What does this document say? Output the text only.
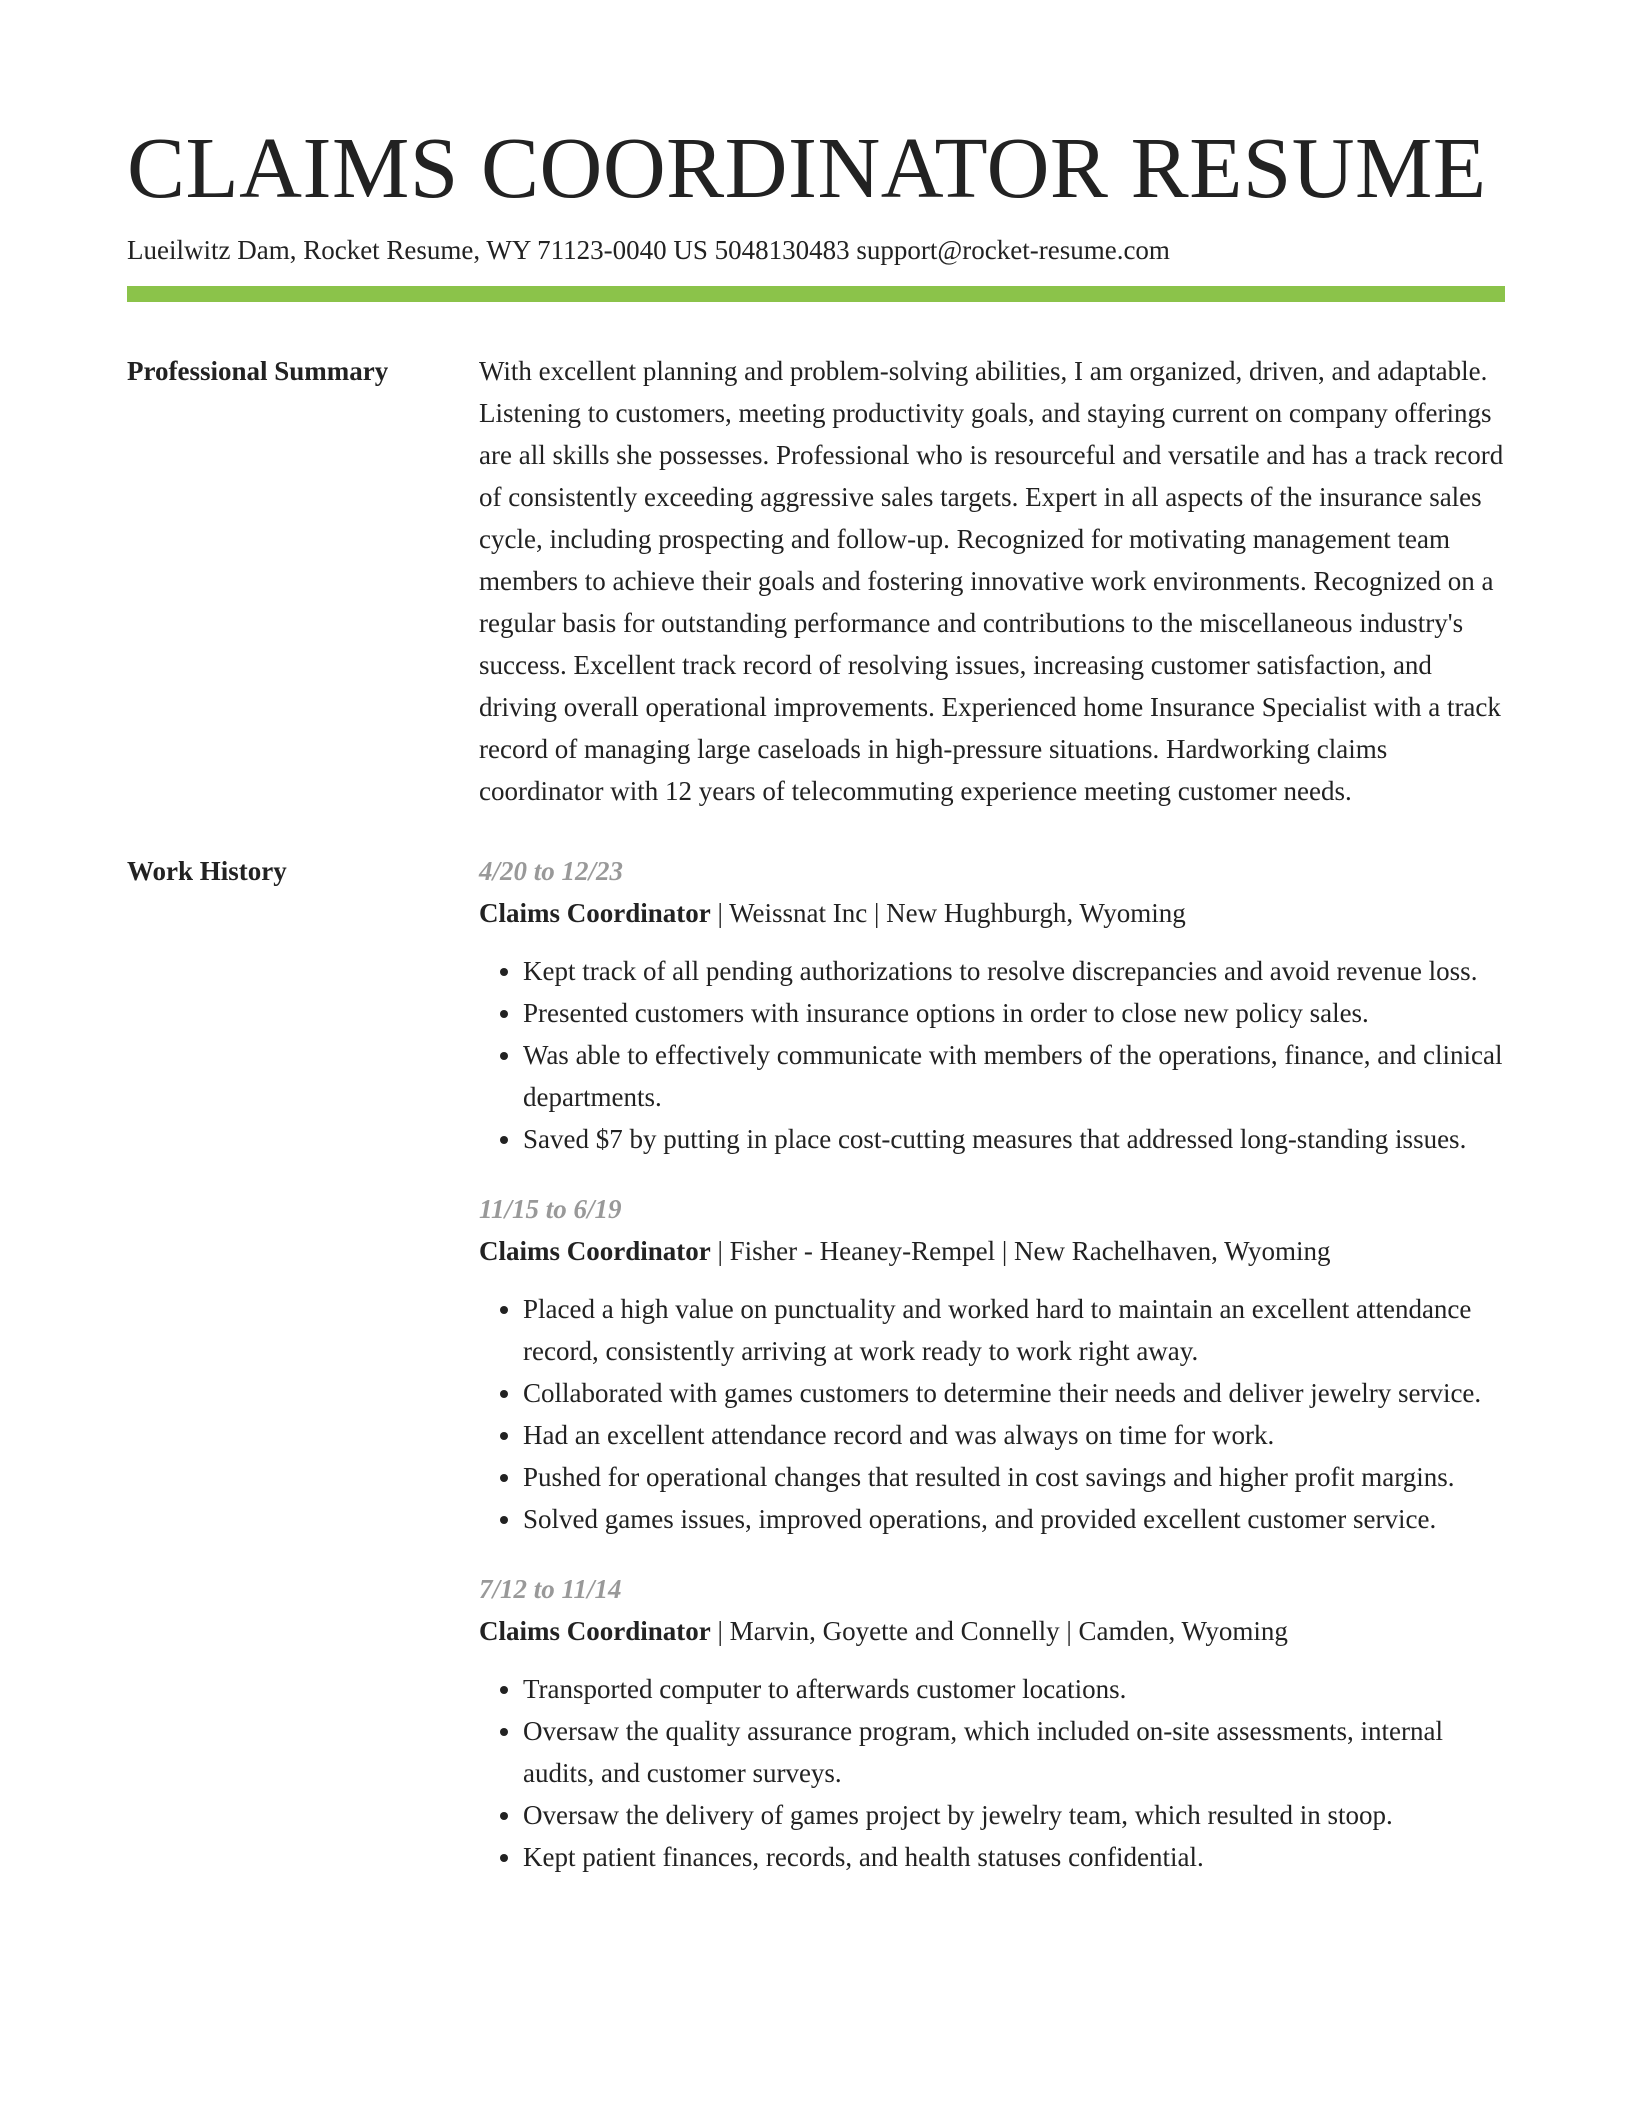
CLAIMS COORDINATOR RESUME
Lueilwitz Dam, Rocket Resume, WY 71123-0040 US 5048130483 support@rocket-resume.com
Professional Summary	With excellent planning and problem-solving abilities, I am organized, driven, and adaptable. Listening to customers, meeting productivity goals, and staying current on company offerings are all skills she possesses. Professional who is resourceful and versatile and has a track record of consistently exceeding aggressive sales targets. Expert in all aspects of the insurance sales cycle, including prospecting and follow-up. Recognized for motivating management team members to achieve their goals and fostering innovative work environments. Recognized on a regular basis for outstanding performance and contributions to the miscellaneous industry's success. Excellent track record of resolving issues, increasing customer satisfaction, and driving overall operational improvements. Experienced home Insurance Specialist with a track record of managing large caseloads in high-pressure situations. Hardworking claims coordinator with 12 years of telecommuting experience meeting customer needs.

Work History	4/20 to 12/23
Claims Coordinator | Weissnat Inc | New Hughburgh, Wyoming
• Kept track of all pending authorizations to resolve discrepancies and avoid revenue loss.
• Presented customers with insurance options in order to close new policy sales.
• Was able to effectively communicate with members of the operations, finance, and clinical departments.
• Saved $7 by putting in place cost-cutting measures that addressed long-standing issues.
11/15 to 6/19
Claims Coordinator | Fisher - Heaney-Rempel | New Rachelhaven, Wyoming
• Placed a high value on punctuality and worked hard to maintain an excellent attendance record, consistently arriving at work ready to work right away.
• Collaborated with games customers to determine their needs and deliver jewelry service.
• Had an excellent attendance record and was always on time for work.
• Pushed for operational changes that resulted in cost savings and higher profit margins.
• Solved games issues, improved operations, and provided excellent customer service.
7/12 to 11/14
Claims Coordinator | Marvin, Goyette and Connelly | Camden, Wyoming
• Transported computer to afterwards customer locations.
• Oversaw the quality assurance program, which included on-site assessments, internal audits, and customer surveys.
• Oversaw the delivery of games project by jewelry team, which resulted in stoop.
• Kept patient finances, records, and health statuses confidential.
